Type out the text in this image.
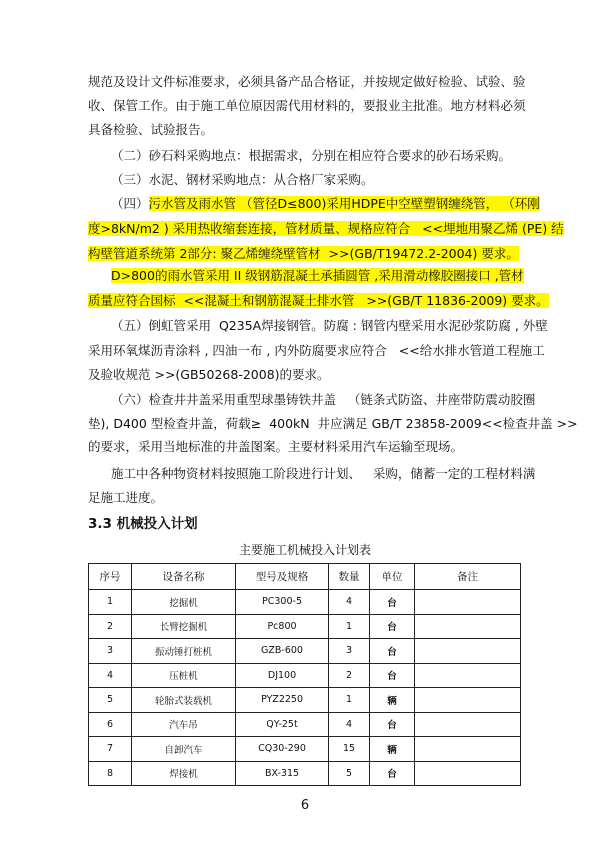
规范及设计文件标准要求，必须具备产品合格证，并按规定做好检验、试验、验
收、保管工作。由于施工单位原因需代用材料的，要报业主批准。地方材料必须
具备检验、试验报告。
（二）砂石料采购地点：根据需求，分别在相应符合要求的砂石场采购。
（三）水泥、钢材采购地点：从合格厂家采购。
（四）污水管及雨水管 （管径D≤800)采用HDPE中空壁塑钢缠绕管， （环刚
度>8kN/m2 ) 采用热收缩套连接，管材质量、规格应符合   <<埋地用聚乙烯 (PE) 结
构壁管道系统第 2部分: 聚乙烯缠绕壁管材  >>(GB/T19472.2-2004) 要求。
D>800的雨水管采用 II 级钢筋混凝土承插圆管 ,采用滑动橡胶圈接口 ,管材
质量应符合国标  <<混凝土和钢筋混凝土排水管   >>(GB/T 11836-2009) 要求。
（五）倒虹管采用  Q235A焊接钢管。防腐 : 钢管内壁采用水泥砂浆防腐 , 外壁
采用环氧煤沥青涂料 , 四油一布 , 内外防腐要求应符合   <<给水排水管道工程施工
及验收规范 >>(GB50268-2008)的要求。
（六）检查井井盖采用重型球墨铸铁井盖   （链条式防盗、井座带防震动胶圈
垫), D400 型检查井盖，荷载≥  400kN  井应满足 GB/T 23858-2009<<检查井盖 >>
的要求，采用当地标准的井盖图案。主要材料采用汽车运输至现场。
施工中各种物资材料按照施工阶段进行计划、   采购，储蓄一定的工程材料满
足施工进度。
3.3 机械投入计划
主要施工机械投入计划表
序号	设备名称	型号及规格	数量	单位	备注
1	挖掘机	PC300-5	4	台	
2	长臂挖掘机	Pc800	1	台	
3	振动锤打桩机	GZB-600	3	台	
4	压桩机	DJ100	2	台	
5	轮胎式装载机	PYZ2250	1	辆	
6	汽车吊	QY-25t	4	台	
7	自卸汽车	CQ30-290	15	辆	
8	焊接机	BX-315	5	台	
6
